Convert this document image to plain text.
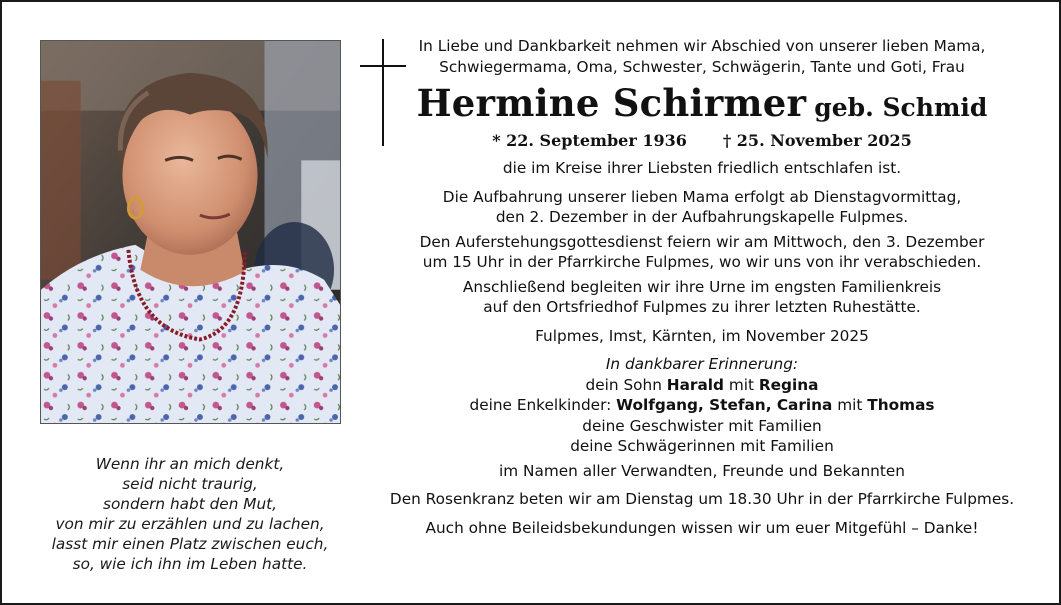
Wenn ihr an mich denkt,
seid nicht traurig,
sondern habt den Mut,
von mir zu erzählen und zu lachen,
lasst mir einen Platz zwischen euch,
so, wie ich ihn im Leben hatte.
In Liebe und Dankbarkeit nehmen wir Abschied von unserer lieben Mama,
Schwiegermama, Oma, Schwester, Schwägerin, Tante und Goti, Frau
Hermine Schirmer geb. Schmid
* 22. September 1936 † 25. November 2025
die im Kreise ihrer Liebsten friedlich entschlafen ist.
Die Aufbahrung unserer lieben Mama erfolgt ab Dienstagvormittag,
den 2. Dezember in der Aufbahrungskapelle Fulpmes.
Den Auferstehungsgottesdienst feiern wir am Mittwoch, den 3. Dezember
um 15 Uhr in der Pfarrkirche Fulpmes, wo wir uns von ihr verabschieden.
Anschließend begleiten wir ihre Urne im engsten Familienkreis
auf den Ortsfriedhof Fulpmes zu ihrer letzten Ruhestätte.
Fulpmes, Imst, Kärnten, im November 2025
In dankbarer Erinnerung:
dein Sohn Harald mit Regina
deine Enkelkinder: Wolfgang, Stefan, Carina mit Thomas
deine Geschwister mit Familien
deine Schwägerinnen mit Familien
im Namen aller Verwandten, Freunde und Bekannten
Den Rosenkranz beten wir am Dienstag um 18.30 Uhr in der Pfarrkirche Fulpmes.
Auch ohne Beileidsbekundungen wissen wir um euer Mitgefühl – Danke!
